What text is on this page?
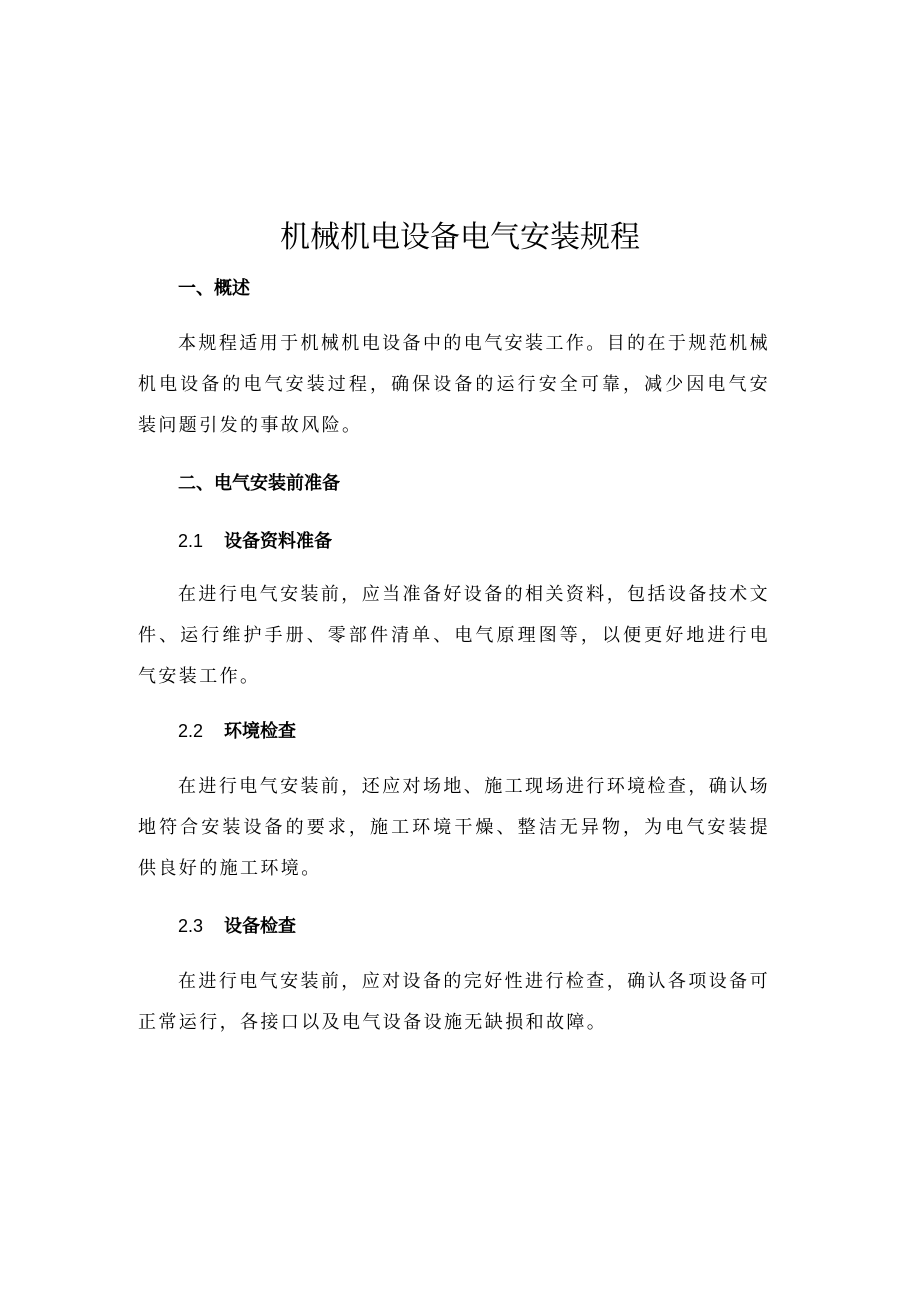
机械机电设备电气安装规程
一、概述

本规程适用于机械机电设备中的电气安装工作。目的在于规范机械机电设备的电气安装过程，确保设备的运行安全可靠，减少因电气安装问题引发的事故风险。

二、电气安装前准备
2.1 设备资料准备

在进行电气安装前，应当准备好设备的相关资料，包括设备技术文件、运行维护手册、零部件清单、电气原理图等，以便更好地进行电气安装工作。

2.2 环境检查

在进行电气安装前，还应对场地、施工现场进行环境检查，确认场地符合安装设备的要求，施工环境干燥、整洁无异物，为电气安装提供良好的施工环境。

2.3 设备检查

在进行电气安装前，应对设备的完好性进行检查，确认各项设备可正常运行，各接口以及电气设备设施无缺损和故障。
